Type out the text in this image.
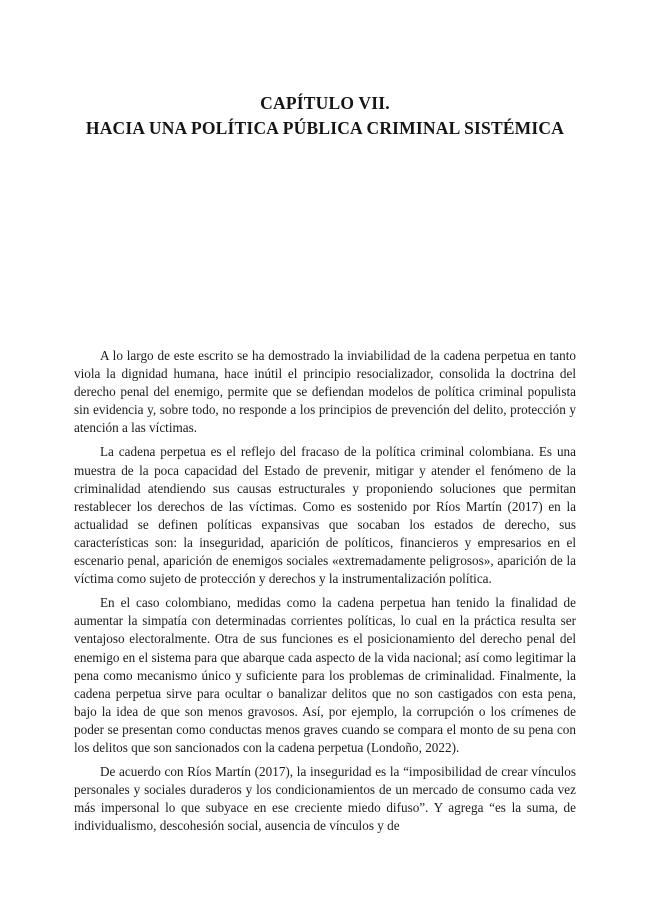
CAPÍTULO VII.
HACIA UNA POLÍTICA PÚBLICA CRIMINAL SISTÉMICA

A lo largo de este escrito se ha demostrado la inviabilidad de la cadena perpetua en tanto viola la dignidad humana, hace inútil el principio resocializador, consolida la doctrina del derecho penal del enemigo, permite que se defiendan modelos de política criminal populista sin evidencia y, sobre todo, no responde a los principios de prevención del delito, protección y atención a las víctimas.

La cadena perpetua es el reflejo del fracaso de la política criminal colombiana. Es una muestra de la poca capacidad del Estado de prevenir, mitigar y atender el fenómeno de la criminalidad atendiendo sus causas estructurales y proponiendo soluciones que permitan restablecer los derechos de las víctimas. Como es sostenido por Ríos Martín (2017) en la actualidad se definen políticas expansivas que socaban los estados de derecho, sus características son: la inseguridad, aparición de políticos, financieros y empresarios en el escenario penal, aparición de enemigos sociales «extremadamente peligrosos», aparición de la víctima como sujeto de protección y derechos y la instrumentalización política.

En el caso colombiano, medidas como la cadena perpetua han tenido la finalidad de aumentar la simpatía con determinadas corrientes políticas, lo cual en la práctica resulta ser ventajoso electoralmente. Otra de sus funciones es el posicionamiento del derecho penal del enemigo en el sistema para que abarque cada aspecto de la vida nacional; así como legitimar la pena como mecanismo único y suficiente para los problemas de criminalidad. Finalmente, la cadena perpetua sirve para ocultar o banalizar delitos que no son castigados con esta pena, bajo la idea de que son menos gravosos. Así, por ejemplo, la corrupción o los crímenes de poder se presentan como conductas menos graves cuando se compara el monto de su pena con los delitos que son sancionados con la cadena perpetua (Londoño, 2022).

De acuerdo con Ríos Martín (2017), la inseguridad es la “imposibilidad de crear vínculos personales y sociales duraderos y los condicionamientos de un mercado de consumo cada vez más impersonal lo que subyace en ese creciente miedo difuso”. Y agrega “es la suma, de individualismo, descohesión social, ausencia de vínculos y de
